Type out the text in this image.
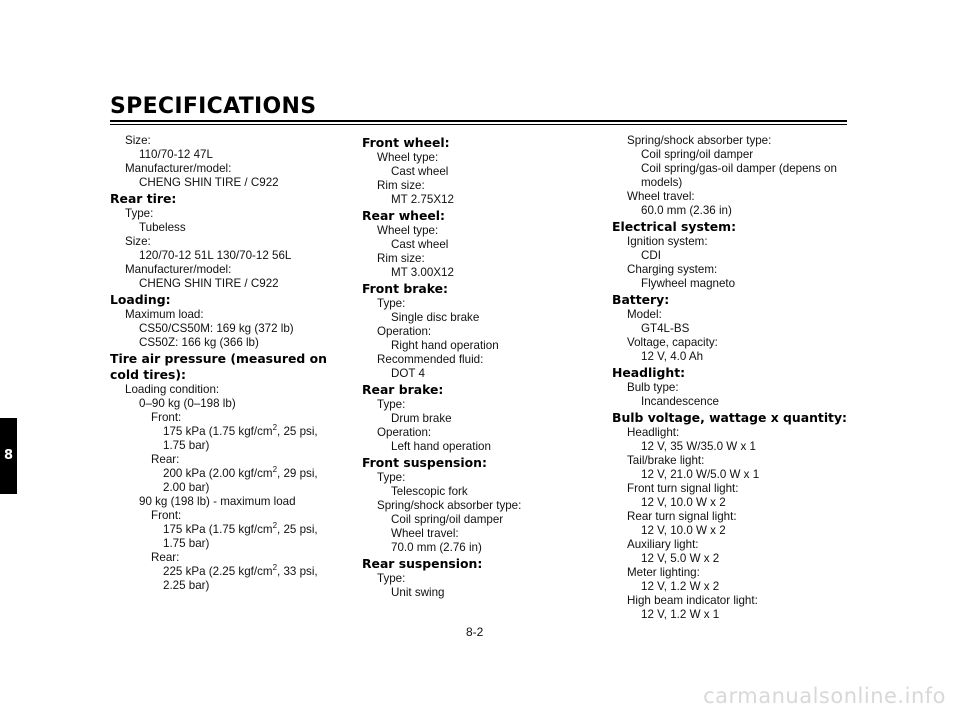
SPECIFICATIONS
8
Size:
110/70-12 47L
Manufacturer/model:
CHENG SHIN TIRE / C922
Rear tire:
Type:
Tubeless
Size:
120/70-12 51L 130/70-12 56L
Manufacturer/model:
CHENG SHIN TIRE / C922
Loading:
Maximum load:
CS50/CS50M: 169 kg (372 lb)
CS50Z: 166 kg (366 lb)
Tire air pressure (measured on cold tires):
Loading condition:
0–90 kg (0–198 lb)
Front:
175 kPa (1.75 kgf/$cm^2$, 25 psi,
1.75 bar)
Rear:
200 kPa (2.00 kgf/$cm^2$, 29 psi,
2.00 bar)
90 kg (198 lb) - maximum load
Front:
175 kPa (1.75 kgf/$cm^2$, 25 psi,
1.75 bar)
Rear:
225 kPa (2.25 kgf/$cm^2$, 33 psi,
2.25 bar)
Front wheel:
Wheel type:
Cast wheel
Rim size:
MT 2.75X12
Rear wheel:
Wheel type:
Cast wheel
Rim size:
MT 3.00X12
Front brake:
Type:
Single disc brake
Operation:
Right hand operation
Recommended fluid:
DOT 4
Rear brake:
Type:
Drum brake
Operation:
Left hand operation
Front suspension:
Type:
Telescopic fork
Spring/shock absorber type:
Coil spring/oil damper
Wheel travel:
70.0 mm (2.76 in)
Rear suspension:
Type:
Unit swing
Spring/shock absorber type:
Coil spring/oil damper
Coil spring/gas-oil damper (depens on models)
Wheel travel:
60.0 mm (2.36 in)
Electrical system:
Ignition system:
CDI
Charging system:
Flywheel magneto
Battery:
Model:
GT4L-BS
Voltage, capacity:
12 V, 4.0 Ah
Headlight:
Bulb type:
Incandescence
Bulb voltage, wattage x quantity:
Headlight:
12 V, 35 W/35.0 W x 1
Tail/brake light:
12 V, 21.0 W/5.0 W x 1
Front turn signal light:
12 V, 10.0 W x 2
Rear turn signal light:
12 V, 10.0 W x 2
Auxiliary light:
12 V, 5.0 W x 2
Meter lighting:
12 V, 1.2 W x 2
High beam indicator light:
12 V, 1.2 W x 1
8-2
carmanualsonline.info
